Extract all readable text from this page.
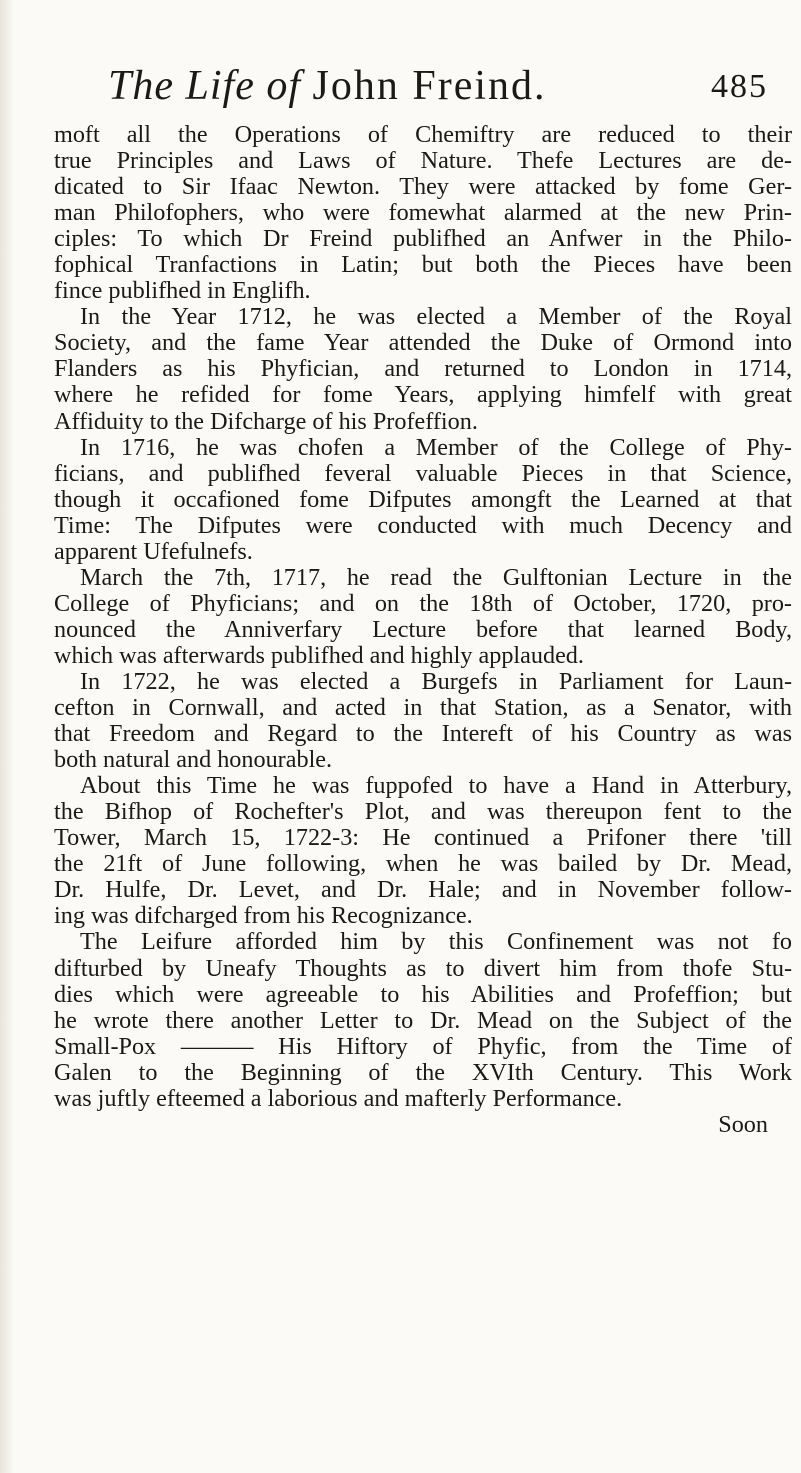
The Life of John Freind.	485
moft all the Operations of Chemiftry are reduced to their
true Principles and Laws of Nature. Thefe Lectures are de-
dicated to Sir Ifaac Newton. They were attacked by fome Ger-
man Philofophers, who were fomewhat alarmed at the new Prin-
ciples: To which Dr Freind publifhed an Anfwer in the Philo-
fophical Tranfactions in Latin; but both the Pieces have been
fince publifhed in Englifh.
In the Year 1712, he was elected a Member of the Royal
Society, and the fame Year attended the Duke of Ormond into
Flanders as his Phyfician, and returned to London in 1714,
where he refided for fome Years, applying himfelf with great
Affiduity to the Difcharge of his Profeffion.
In 1716, he was chofen a Member of the College of Phy-
ficians, and publifhed feveral valuable Pieces in that Science,
though it occafioned fome Difputes amongft the Learned at that
Time: The Difputes were conducted with much Decency and
apparent Ufefulnefs.
March the 7th, 1717, he read the Gulftonian Lecture in the
College of Phyficians; and on the 18th of October, 1720, pro-
nounced the Anniverfary Lecture before that learned Body,
which was afterwards publifhed and highly applauded.
In 1722, he was elected a Burgefs in Parliament for Laun-
cefton in Cornwall, and acted in that Station, as a Senator, with
that Freedom and Regard to the Intereft of his Country as was
both natural and honourable.
About this Time he was fuppofed to have a Hand in Atterbury,
the Bifhop of Rochefter's Plot, and was thereupon fent to the
Tower, March 15, 1722-3: He continued a Prifoner there 'till
the 21ft of June following, when he was bailed by Dr. Mead,
Dr. Hulfe, Dr. Levet, and Dr. Hale; and in November follow-
ing was difcharged from his Recognizance.
The Leifure afforded him by this Confinement was not fo
difturbed by Uneafy Thoughts as to divert him from thofe Stu-
dies which were agreeable to his Abilities and Profeffion; but
he wrote there another Letter to Dr. Mead on the Subject of the
Small-Pox ——— His Hiftory of Phyfic, from the Time of
Galen to the Beginning of the XVIth Century. This Work
was juftly efteemed a laborious and mafterly Performance.
Soon
